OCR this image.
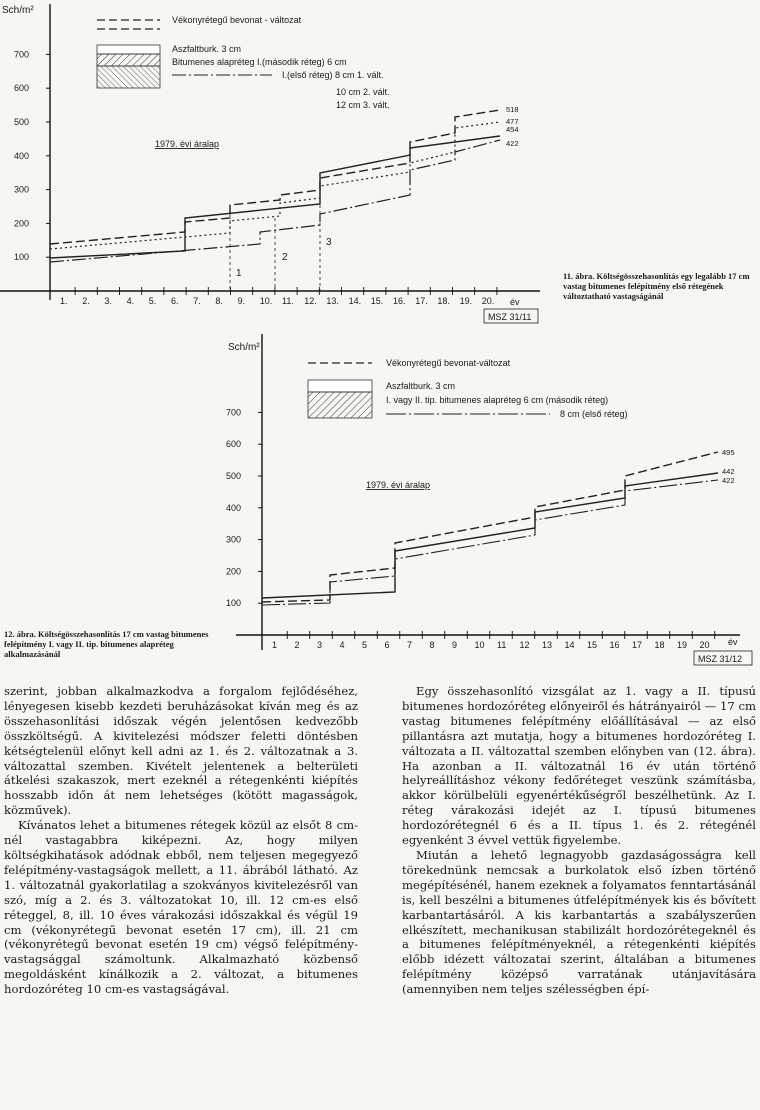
Sch/m²
100
200
300
400
500
600
700
1. 2. 3. 4. 5. 6. 7. 8. 9. 10. 11. 12. 13. 14. 15. 16. 17. 18. 19. 20. év
Vékonyrétegű bevonat - változat
Aszfaltburk. 3 cm
Bitumenes alapréteg I.(második réteg) 6 cm
I.(első réteg) 8 cm 1. vált.
10 cm 2. vált.
12 cm 3. vált.
1979. évi áralap
1
2
3
518
477
454
422
MSZ 31/11
11. ábra. Költségösszehasonlítás egy legalább 17 cm vastag bitumenes felépítmény első rétegének változtatható vastagságánál
Sch/m²
100
200
300
400
500
600
700
1 2 3 4 5 6 7 8 9 10 11 12 13 14 15 16 17 18 19 20 év
Vékonyrétegű bevonat-változat
Aszfaltburk. 3 cm
I. vagy II. tip. bitumenes alapréteg 6 cm (második réteg)
8 cm (első réteg)
1979. évi áralap
495
442
422
MSZ 31/12
12. ábra. Költségösszehasonlítás 17 cm vastag bitumenes felépítmény I. vagy II. tip. bitumenes alapréteg alkalmazásánál

szerint, jobban alkalmazkodva a forgalom fejlődéséhez, lényegesen kisebb kezdeti beruházásokat kíván meg és az összehasonlítási időszak végén jelentősen kedvezőbb összköltségű. A kivitelezési módszer feletti döntésben kétségtelenül előnyt kell adni az 1. és 2. változatnak a 3. változattal szemben. Kivételt jelentenek a belterületi átkelési szakaszok, mert ezeknél a rétegenkénti kiépítés hosszabb időn át nem lehetséges (kötött magasságok, közművek).

Kívánatos lehet a bitumenes rétegek közül az elsőt 8 cm-nél vastagabbra kiképezni. Az, hogy milyen költségkihatások adódnak ebből, nem teljesen megegyező felépítmény-vastagságok mellett, a 11. ábrából látható. Az 1. változatnál gyakorlatilag a szokványos kivitelezésről van szó, míg a 2. és 3. változatokat 10, ill. 12 cm-es első réteggel, 8, ill. 10 éves várakozási időszakkal és végül 19 cm (vékonyrétegű bevonat esetén 17 cm), ill. 21 cm (vékonyrétegű bevonat esetén 19 cm) végső felépítmény-vastagsággal számoltunk. Alkalmazható közbenső megoldásként kínálkozik a 2. változat, a bitumenes hordozóréteg 10 cm-es vastagságával.

Egy összehasonlító vizsgálat az 1. vagy a II. típusú bitumenes hordozóréteg előnyeiről és hátrányairól — 17 cm vastag bitumenes felépítmény előállításával — az első pillantásra azt mutatja, hogy a bitumenes hordozóréteg I. változata a II. változattal szemben előnyben van (12. ábra). Ha azonban a II. változatnál 16 év után történő helyreállításhoz vékony fedőréteget veszünk számításba, akkor körülbelüli egyenértékűségről beszélhetünk. Az I. réteg várakozási idejét az I. típusú bitumenes hordozórétegnél 6 és a II. típus 1. és 2. rétegénél egyenként 3 évvel vettük figyelembe.

Miután a lehető legnagyobb gazdaságosságra kell törekednünk nemcsak a burkolatok első ízben történő megépítésénél, hanem ezeknek a folyamatos fenntartásánál is, kell beszélni a bitumenes útfelépítmények kis és bővített karbantartásáról. A kis karbantartás a szabályszerűen elkészített, mechanikusan stabilizált hordozórétegeknél és a bitumenes felépítményeknél, a rétegenkénti kiépítés előbb idézett változatai szerint, általában a bitumenes felépítmény középső varratának utánjavítására (amennyiben nem teljes szélességben épí-
